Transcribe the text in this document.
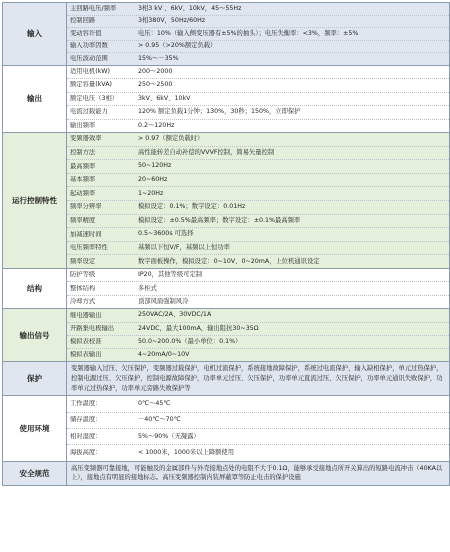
输入
主回路电压/频率	3相3 kV 、6kV、10kV，45～55Hz
控制回路	3相380V，50Hz/60Hz
变动容许值	电压：10%（输入侧变压器有±5%的抽头）；电压失衡率：<3%，频率：±5%
输入功率因数	> 0.95（>20%额定负载）
电压波动范围	15%～－35%
输出
适用电机(kW)	200～2000
额定容量(kVA)	250～2500
额定电压（3相）	3kV、6kV、10kV
电流过载能力	120% 额定负载1分钟；130%，30秒；150%，立即保护
输出频率	0.2～120Hz
运行控制特性
变频器效率	> 0.97（额定负载时）
控制方法	高性能转差自动补偿的VVVF控制，简易矢量控制
最高频率	50~120Hz
基本频率	20~60Hz
起动频率	1~20Hz
频率分辨率	模拟设定：0.1%；数字设定：0.01Hz
频率精度	模拟设定：±0.5%最高频率；数字设定：±0.1%最高频率
加减速时间	0.5~3600s 可选择
电压频率特性	基频以下恒V/F，基频以上恒功率
频率设定	数字面板操作，模拟设定：0~10V、0~20mA，上位机通讯设定
结构
防护等级	IP20，其他等级可定制
整体结构	多柜式
冷却方式	顶部风扇强制风冷
输出信号
继电器输出	250VAC/2A、30VDC/1A
开路集电极输出	24VDC，最大100mA，输出阻抗30~35Ω
模拟表校准	50.0~200.0%（最小单位：0.1%）
模拟表输出	4~20mA/0~10V
保护
变频器输入过压、欠压保护，变频器过载保护，电机过流保护，系统接地故障保护，系统过电流保护，输入缺相保护，单元过热保护，控制电源过压、欠压保护，控制电源故障保护，功率单元过压、欠压保护，功率单元直流过压、欠压保护，功率单元通讯失败保护，功率单元过热保护，功率单元旁路失败保护等
使用环境
工作温度：	0℃～45℃
储存温度：	－40℃～70℃
相对湿度：	5%～90%（无凝露）
海拔高度：	< 1000米，1000米以上降额使用
安全规范
高压变频器可靠接地，可能触及的金属部件与外壳接地点处的电阻不大于0.1Ω，能够承受接地点所开关算出的短路电流冲击（40KA以上），接地点有明显的接地标志。高压变频器控制内装屏蔽罩等防止电击的保护设施
